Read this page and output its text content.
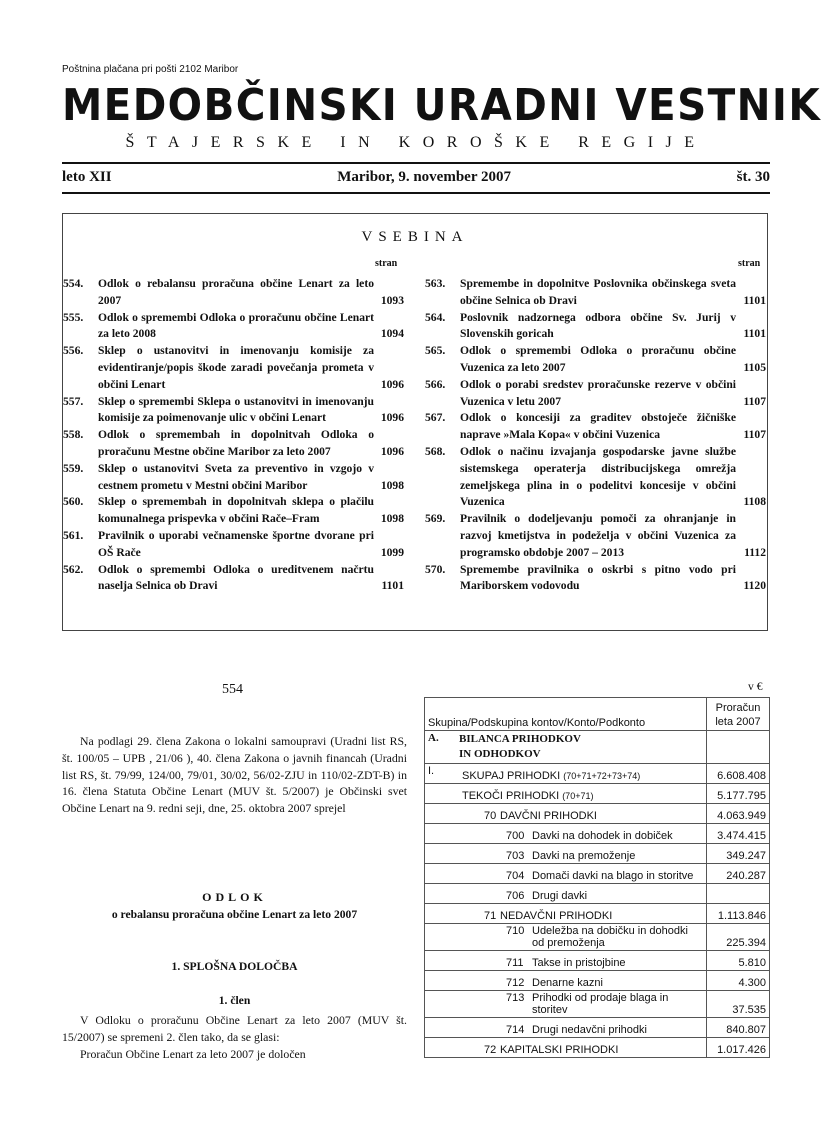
Poštnina plačana pri pošti 2102 Maribor
MEDOBČINSKI URADNI VESTNIK
ŠTAJERSKE IN KOROŠKE REGIJE
leto XII	Maribor, 9. november 2007	št. 30
VSEBINA
stran	stran
554.	Odlok o rebalansu proračuna občine Lenart za leto 2007	1093
555.	Odlok o spremembi Odloka o proračunu občine Lenart za leto 2008	1094
556.	Sklep o ustanovitvi in imenovanju komisije za evidentiranje/popis škode zaradi povečanja prometa v občini Lenart	1096
557.	Sklep o spremembi Sklepa o ustanovitvi in imenovanju komisije za poimenovanje ulic v občini Lenart	1096
558.	Odlok o spremembah in dopolnitvah Odloka o proračunu Mestne občine Maribor za leto 2007	1096
559.	Sklep o ustanovitvi Sveta za preventivo in vzgojo v cestnem prometu v Mestni občini Maribor	1098
560.	Sklep o spremembah in dopolnitvah sklepa o plačilu komunalnega prispevka v občini Rače–Fram	1098
561.	Pravilnik o uporabi večnamenske športne dvorane pri OŠ Rače	1099
562.	Odlok o spremembi Odloka o ureditvenem načrtu naselja Selnica ob Dravi	1101
563.	Spremembe in dopolnitve Poslovnika občinskega sveta občine Selnica ob Dravi	1101
564.	Poslovnik nadzornega odbora občine Sv. Jurij v Slovenskih goricah	1101
565.	Odlok o spremembi Odloka o proračunu občine Vuzenica za leto 2007	1105
566.	Odlok o porabi sredstev proračunske rezerve v občini Vuzenica v letu 2007	1107
567.	Odlok o koncesiji za graditev obstoječe žičniške naprave »Mala Kopa« v občini Vuzenica	1107
568.	Odlok o načinu izvajanja gospodarske javne službe sistemskega operaterja distribucijskega omrežja zemeljskega plina in o podelitvi koncesije v občini Vuzenica	1108
569.	Pravilnik o dodeljevanju pomoči za ohranjanje in razvoj kmetijstva in podeželja v občini Vuzenica za programsko obdobje 2007 – 2013	1112
570.	Spremembe pravilnika o oskrbi s pitno vodo pri Mariborskem vodovodu	1120
554
Na podlagi 29. člena Zakona o lokalni samoupravi (Uradni list RS, št. 100/05 – UPB , 21/06 ), 40. člena Zakona o javnih financah (Uradni list RS, št. 79/99, 124/00, 79/01, 30/02, 56/02-ZJU in 110/02-ZDT-B) in 16. člena Statuta Občine Lenart (MUV št. 5/2007) je Občinski svet Občine Lenart na 9. redni seji, dne, 25. oktobra 2007 sprejel
ODLOK
o rebalansu proračuna občine Lenart za leto 2007
1. SPLOŠNA DOLOČBA
1. člen
V Odloku o proračunu Občine Lenart za leto 2007 (MUV št. 15/2007) se spremeni 2. člen tako, da se glasi:
Proračun Občine Lenart za leto 2007 je določen
v €
Skupina/Podskupina kontov/Konto/Podkonto		Proračun
leta 2007

A.	BILANCA PRIHODKOV
IN ODHODKOV	

I.	SKUPAJ PRIHODKI (70+71+72+73+74)	6.608.408

	TEKOČI PRIHODKI (70+71)	5.177.795

	70 DAVČNI PRIHODKI	4.063.949

	700 Davki na dohodek in dobiček	3.474.415

	703 Davki na premoženje	349.247

	704 Domači davki na blago in storitve	240.287

	706 Drugi davki	

	71 NEDAVČNI PRIHODKI	1.113.846

	710 Udeležba na dobičku in dohodki od premoženja	225.394

	711 Takse in pristojbine	5.810

	712 Denarne kazni	4.300

	713 Prihodki od prodaje blaga in storitev	37.535

	714 Drugi nedavčni prihodki	840.807

	72 KAPITALSKI PRIHODKI	1.017.426
